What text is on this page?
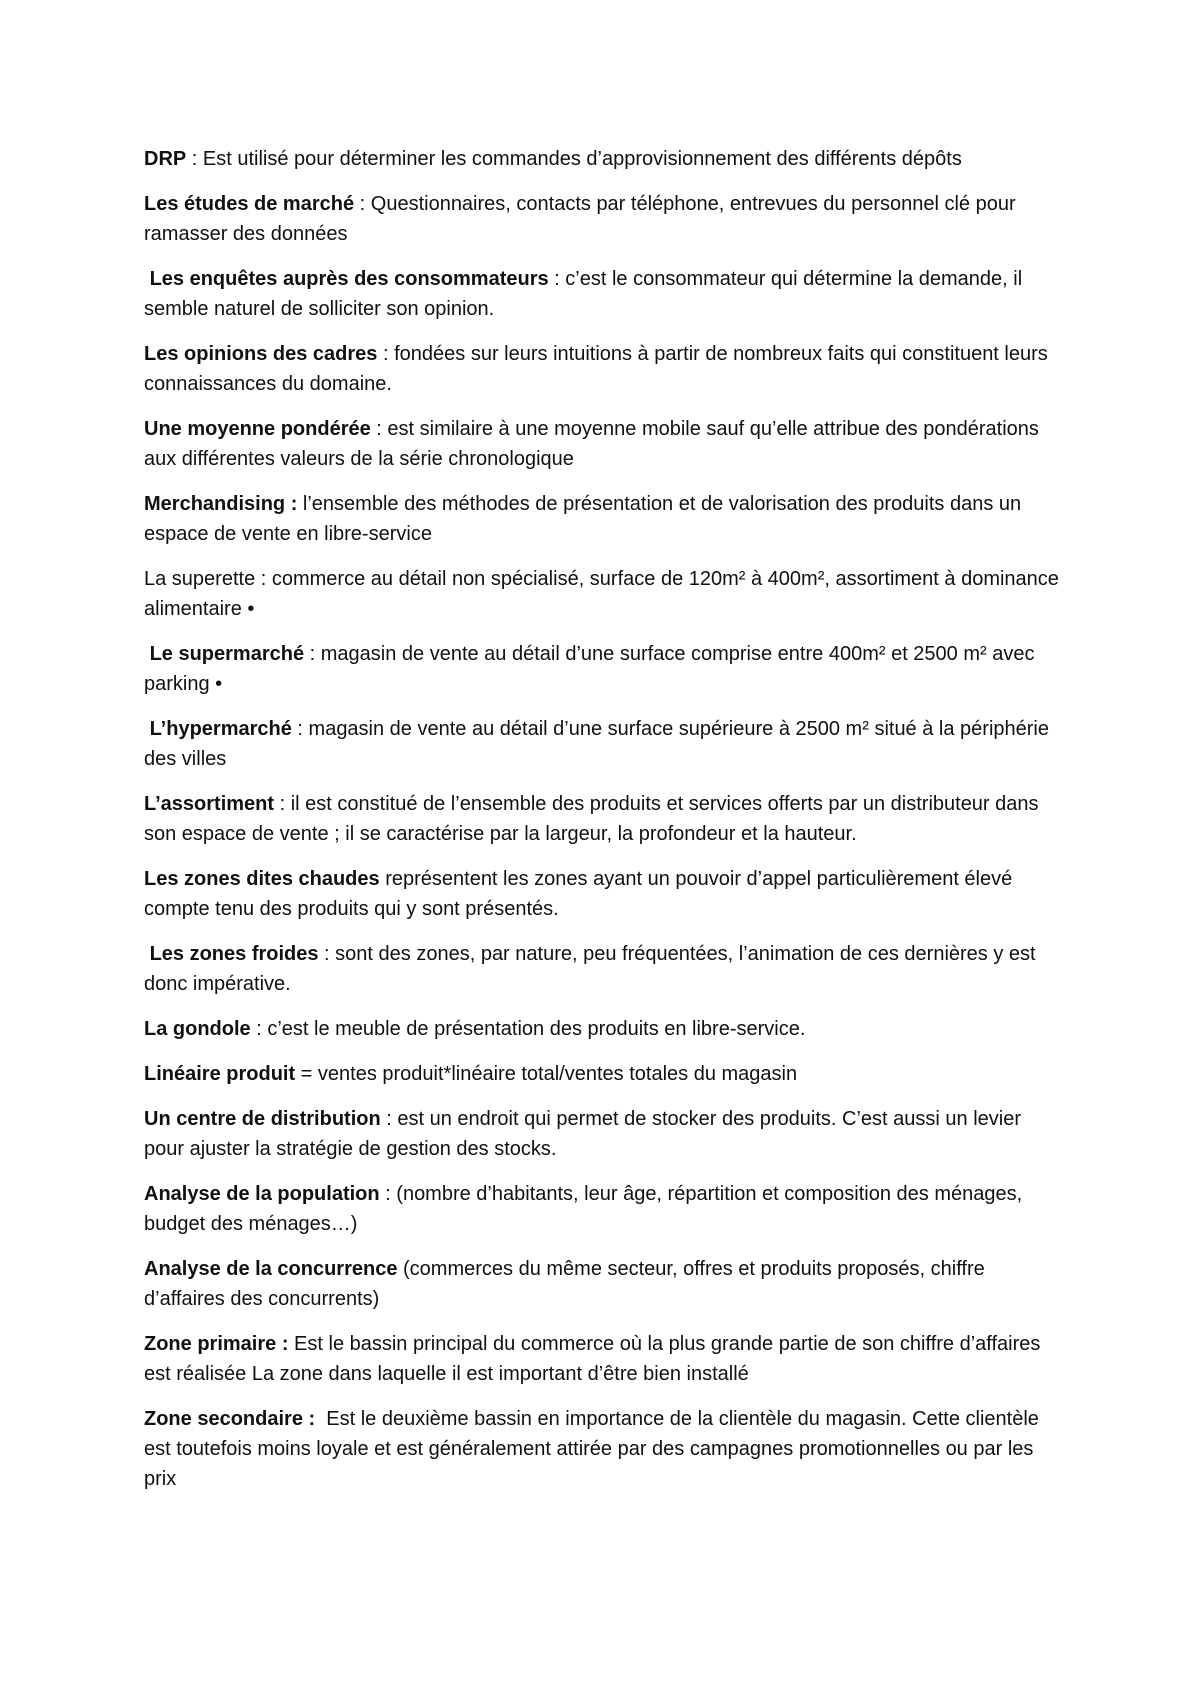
DRP : Est utilisé pour déterminer les commandes d’approvisionnement des différents dépôts

Les études de marché : Questionnaires, contacts par téléphone, entrevues du personnel clé pour ramasser des données

Les enquêtes auprès des consommateurs : c’est le consommateur qui détermine la demande, il semble naturel de solliciter son opinion.

Les opinions des cadres : fondées sur leurs intuitions à partir de nombreux faits qui constituent leurs connaissances du domaine.

Une moyenne pondérée : est similaire à une moyenne mobile sauf qu’elle attribue des pondérations aux différentes valeurs de la série chronologique

Merchandising : l’ensemble des méthodes de présentation et de valorisation des produits dans un espace de vente en libre-service

La superette : commerce au détail non spécialisé, surface de 120m² à 400m², assortiment à dominance alimentaire •

Le supermarché : magasin de vente au détail d’une surface comprise entre 400m² et 2500 m² avec parking •

L’hypermarché : magasin de vente au détail d’une surface supérieure à 2500 m² situé à la périphérie des villes

L’assortiment : il est constitué de l’ensemble des produits et services offerts par un distributeur dans son espace de vente ; il se caractérise par la largeur, la profondeur et la hauteur.

Les zones dites chaudes représentent les zones ayant un pouvoir d’appel particulièrement élevé compte tenu des produits qui y sont présentés.

Les zones froides : sont des zones, par nature, peu fréquentées, l’animation de ces dernières y est donc impérative.

La gondole : c’est le meuble de présentation des produits en libre-service.

Linéaire produit = ventes produit*linéaire total/ventes totales du magasin

Un centre de distribution : est un endroit qui permet de stocker des produits. C’est aussi un levier pour ajuster la stratégie de gestion des stocks.

Analyse de la population : (nombre d’habitants, leur âge, répartition et composition des ménages, budget des ménages…)

Analyse de la concurrence (commerces du même secteur, offres et produits proposés, chiffre d’affaires des concurrents)

Zone primaire : Est le bassin principal du commerce où la plus grande partie de son chiffre d’affaires est réalisée La zone dans laquelle il est important d’être bien installé

Zone secondaire :  Est le deuxième bassin en importance de la clientèle du magasin. Cette clientèle est toutefois moins loyale et est généralement attirée par des campagnes promotionnelles ou par les prix
